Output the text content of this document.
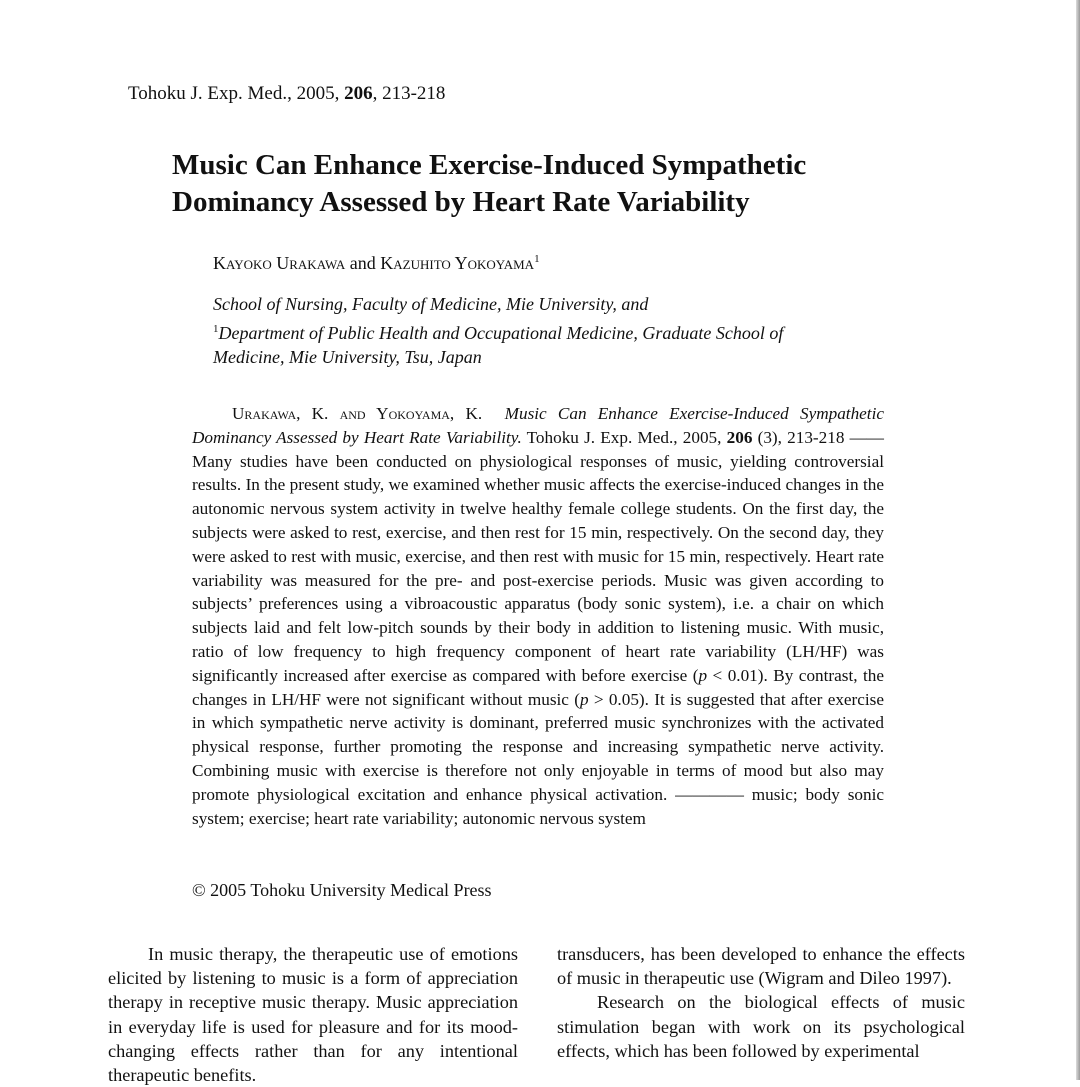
Tohoku J. Exp. Med., 2005, 206, 213-218
Music Can Enhance Exercise-Induced Sympathetic
Dominancy Assessed by Heart Rate Variability
Kayoko Urakawa and Kazuhito Yokoyama$^1$
School of Nursing, Faculty of Medicine, Mie University, and
$^1$Department of Public Health and Occupational Medicine, Graduate School of
Medicine, Mie University, Tsu, Japan
Urakawa, K. and Yokoyama, K. Music Can Enhance Exercise-Induced Sympathetic Dominancy Assessed by Heart Rate Variability. Tohoku J. Exp. Med., 2005, 206 (3), 213-218 —— Many studies have been conducted on physiological responses of music, yielding controversial results. In the present study, we examined whether music affects the exercise-induced changes in the autonomic nervous system activity in twelve healthy female college students. On the first day, the subjects were asked to rest, exercise, and then rest for 15 min, respectively. On the second day, they were asked to rest with music, exercise, and then rest with music for 15 min, respectively. Heart rate variability was measured for the pre- and post-exercise periods. Music was given according to subjects’ preferences using a vibroacoustic apparatus (body sonic system), i.e. a chair on which subjects laid and felt low-pitch sounds by their body in addition to listening music. With music, ratio of low frequency to high frequency component of heart rate variability (LH/HF) was significantly increased after exercise as compared with before exercise (p < 0.01). By contrast, the changes in LH/HF were not significant without music (p > 0.05). It is suggested that after exercise in which sympathetic nerve activity is dominant, preferred music synchronizes with the activated physical response, further promoting the response and increasing sympathetic nerve activity. Combining music with exercise is therefore not only enjoyable in terms of mood but also may promote physiological excitation and enhance physical activation. ———— music; body sonic system; exercise; heart rate variability; autonomic nervous system
© 2005 Tohoku University Medical Press
In music therapy, the therapeutic use of emotions elicited by listening to music is a form of appreciation therapy in receptive music therapy. Music appreciation in everyday life is used for pleasure and for its mood-changing effects rather than for any intentional therapeutic benefits.
transducers, has been developed to enhance the effects of music in therapeutic use (Wigram and Dileo 1997).
Research on the biological effects of music stimulation began with work on its psychological effects, which has been followed by experimental
